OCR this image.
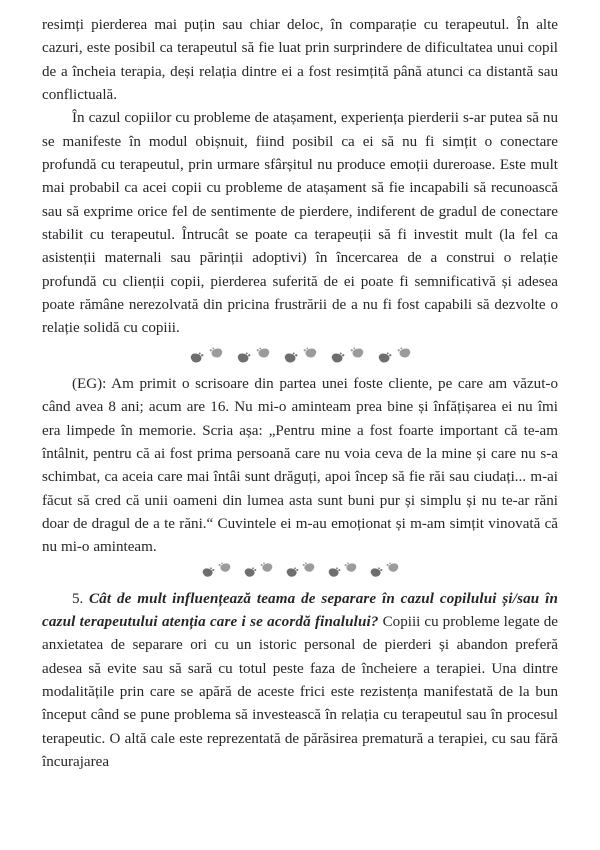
resimți pierderea mai puțin sau chiar deloc, în comparație cu terapeutul. În alte cazuri, este posibil ca terapeutul să fie luat prin surprindere de dificultatea unui copil de a încheia terapia, deși relația dintre ei a fost resimțită până atunci ca distantă sau conflictuală.

În cazul copiilor cu probleme de atașament, experiența pierderii s-ar putea să nu se manifeste în modul obișnuit, fiind posibil ca ei să nu fi simțit o conectare profundă cu terapeutul, prin urmare sfârșitul nu produce emoții dureroase. Este mult mai probabil ca acei copii cu probleme de atașament să fie incapabili să recunoască sau să exprime orice fel de sentimente de pierdere, indiferent de gradul de conectare stabilit cu terapeutul. Întrucât se poate ca terapeuții să fi investit mult (la fel ca asistenții maternali sau părinții adoptivi) în încercarea de a construi o relație profundă cu clienții copii, pierderea suferită de ei poate fi semnificativă și adesea poate rămâne nerezolvată din pricina frustrării de a nu fi fost capabili să dezvolte o relație solidă cu copiii.

(EG): Am primit o scrisoare din partea unei foste cliente, pe care am văzut-o când avea 8 ani; acum are 16. Nu mi-o aminteam prea bine și înfățișarea ei nu îmi era limpede în memorie. Scria așa: „Pentru mine a fost foarte important că te-am întâlnit, pentru că ai fost prima persoană care nu voia ceva de la mine și care nu s-a schimbat, ca aceia care mai întâi sunt drăguți, apoi încep să fie răi sau ciudați... m-ai făcut să cred că unii oameni din lumea asta sunt buni pur și simplu și nu te-ar răni doar de dragul de a te răni.“ Cuvintele ei m-au emoționat și m-am simțit vinovată că nu mi-o aminteam.

5. Cât de mult influențează teama de separare în cazul copilului și/sau în cazul terapeutului atenția care i se acordă finalului? Copiii cu probleme legate de anxietatea de separare ori cu un istoric personal de pierderi și abandon preferă adesea să evite sau să sară cu totul peste faza de încheiere a terapiei. Una dintre modalitățile prin care se apără de aceste frici este rezistența manifestată de la bun început când se pune problema să investească în relația cu terapeutul sau în procesul terapeutic. O altă cale este reprezentată de părăsirea prematură a terapiei, cu sau fără încurajarea
